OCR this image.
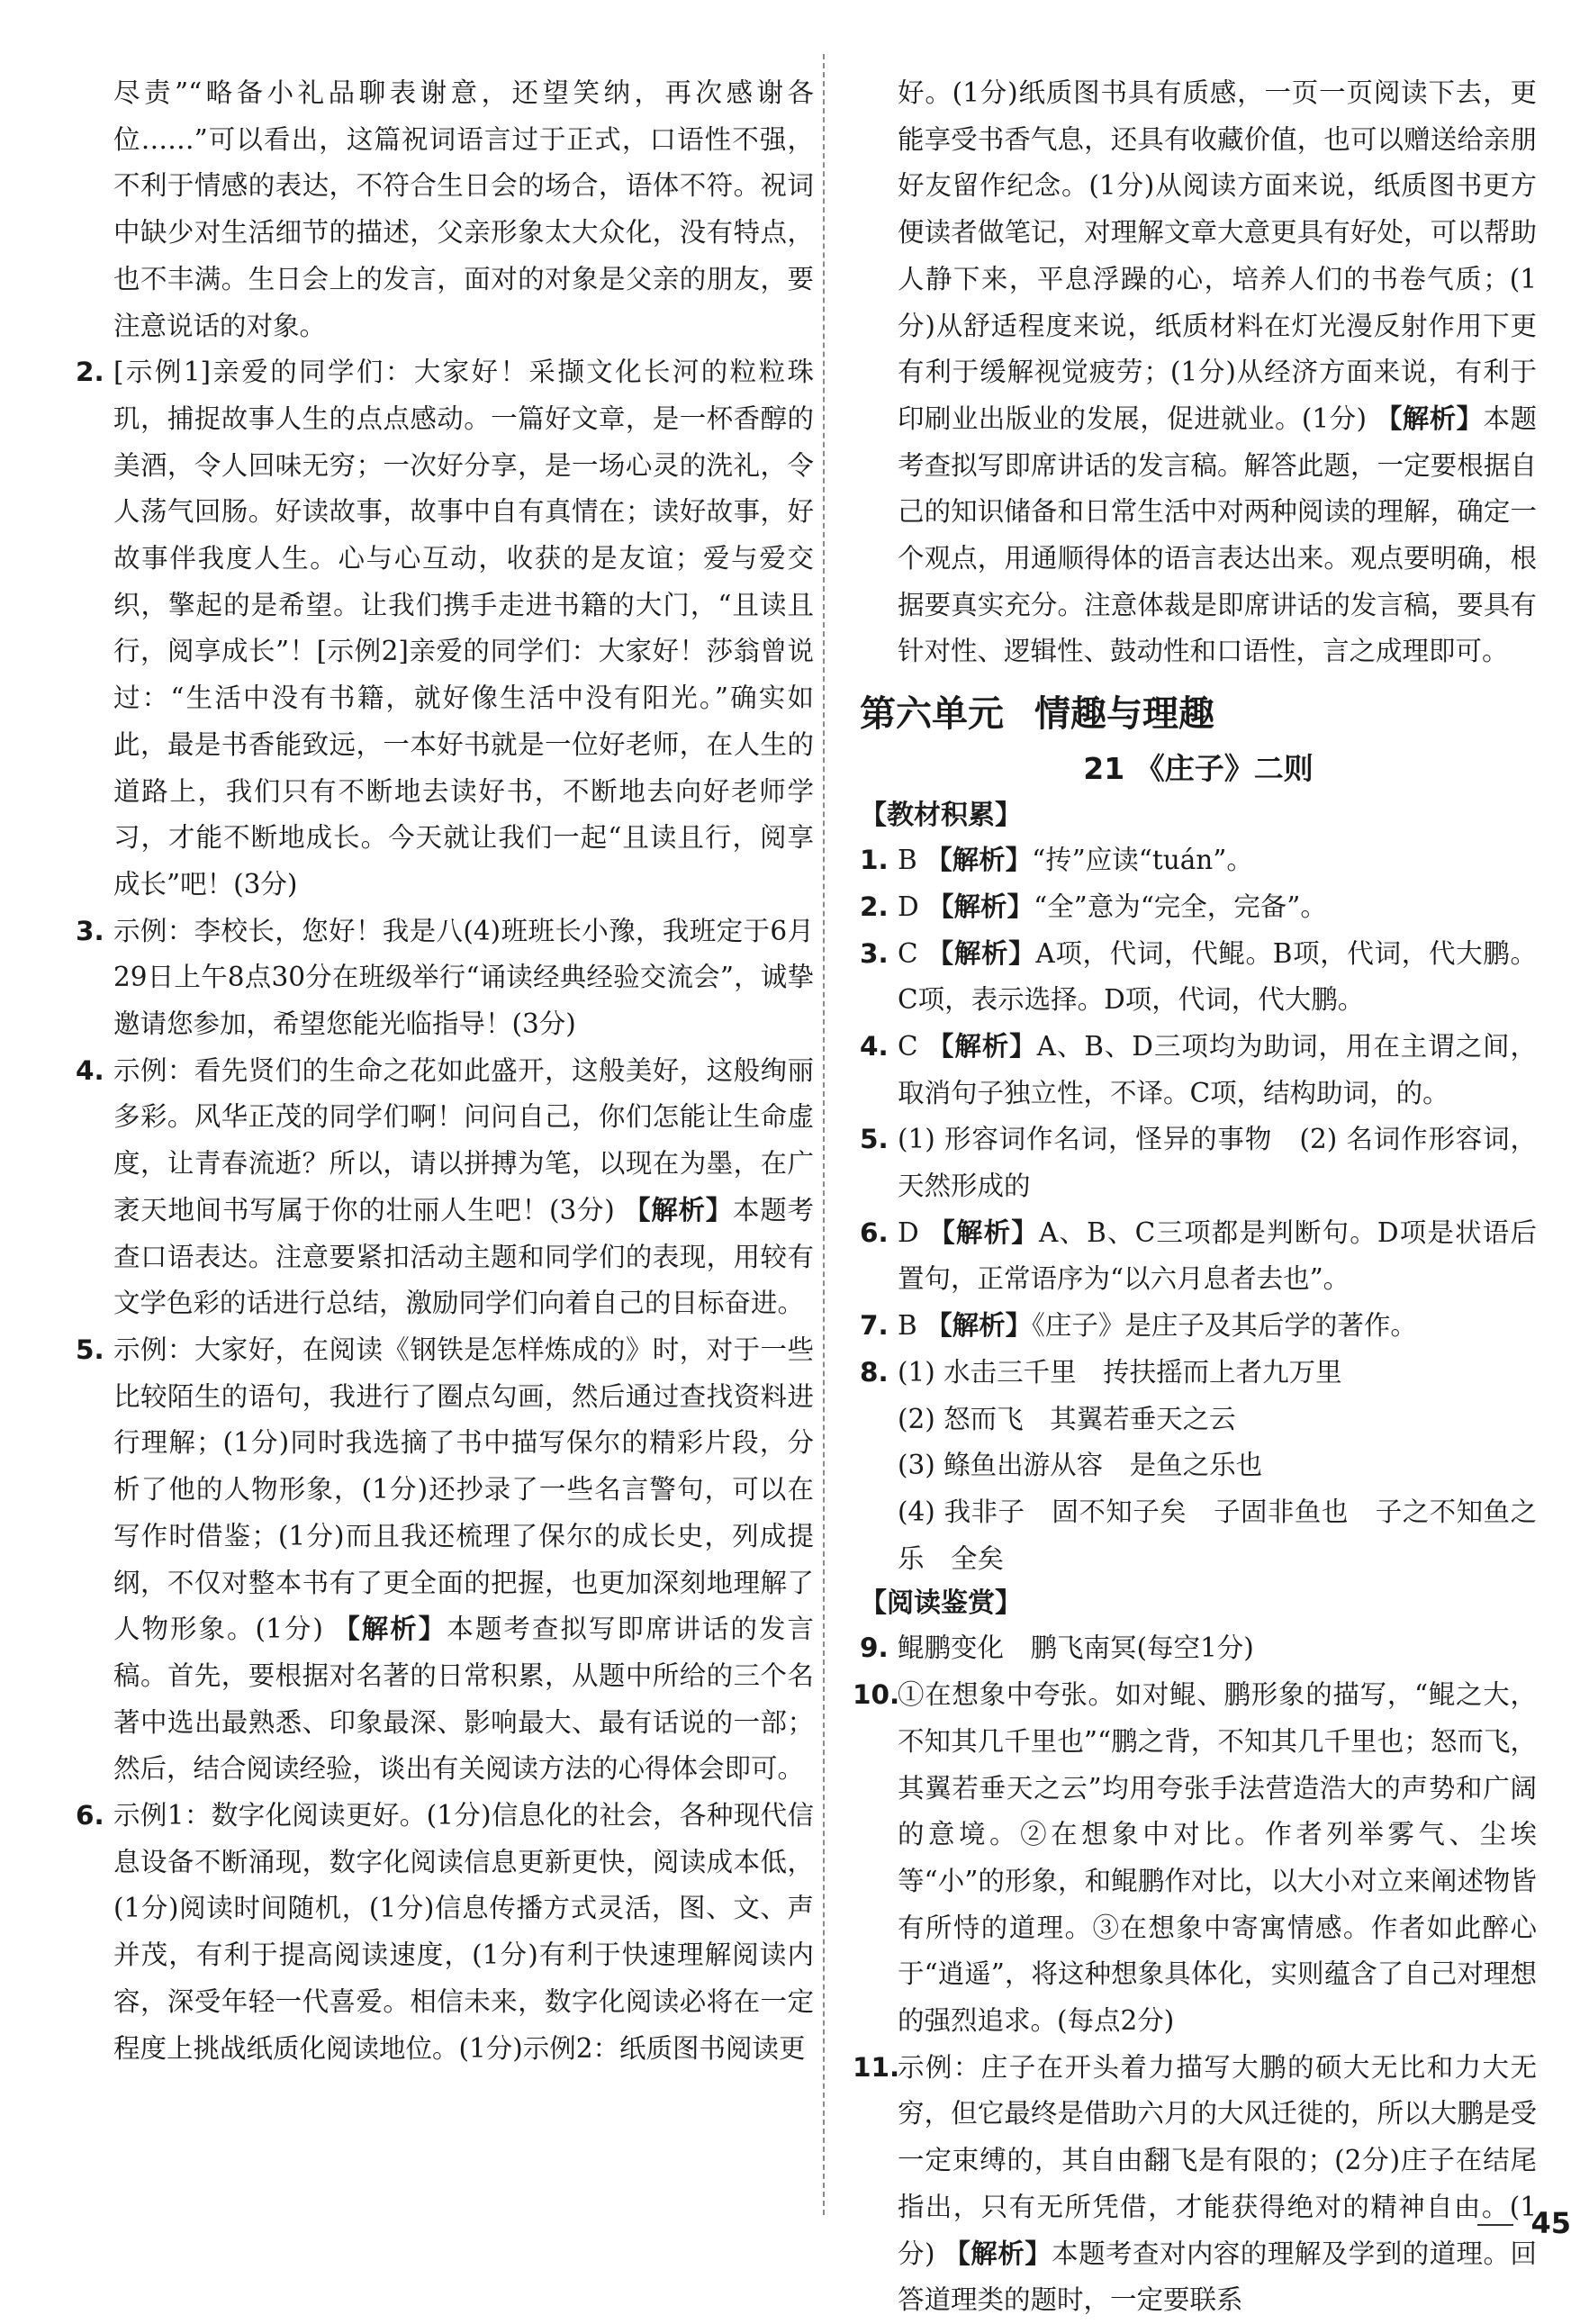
尽责”“略备小礼品聊表谢意，还望笑纳，再次感谢各位……”可以看出，这篇祝词语言过于正式，口语性不强，不利于情感的表达，不符合生日会的场合，语体不符。祝词中缺少对生活细节的描述，父亲形象太大众化，没有特点，也不丰满。生日会上的发言，面对的对象是父亲的朋友，要注意说话的对象。
2. [示例1]亲爱的同学们：大家好！采撷文化长河的粒粒珠玑，捕捉故事人生的点点感动。一篇好文章，是一杯香醇的美酒，令人回味无穷；一次好分享，是一场心灵的洗礼，令人荡气回肠。好读故事，故事中自有真情在；读好故事，好故事伴我度人生。心与心互动，收获的是友谊；爱与爱交织，擎起的是希望。让我们携手走进书籍的大门，“且读且行，阅享成长”！[示例2]亲爱的同学们：大家好！莎翁曾说过：“生活中没有书籍，就好像生活中没有阳光。”确实如此，最是书香能致远，一本好书就是一位好老师，在人生的道路上，我们只有不断地去读好书，不断地去向好老师学习，才能不断地成长。今天就让我们一起“且读且行，阅享成长”吧！(3分)
3. 示例：李校长，您好！我是八(4)班班长小豫，我班定于6月29日上午8点30分在班级举行“诵读经典经验交流会”，诚挚邀请您参加，希望您能光临指导！(3分)
4. 示例：看先贤们的生命之花如此盛开，这般美好，这般绚丽多彩。风华正茂的同学们啊！问问自己，你们怎能让生命虚度，让青春流逝？所以，请以拼搏为笔，以现在为墨，在广袤天地间书写属于你的壮丽人生吧！(3分) 【解析】本题考查口语表达。注意要紧扣活动主题和同学们的表现，用较有文学色彩的话进行总结，激励同学们向着自己的目标奋进。
5. 示例：大家好，在阅读《钢铁是怎样炼成的》时，对于一些比较陌生的语句，我进行了圈点勾画，然后通过查找资料进行理解；(1分)同时我选摘了书中描写保尔的精彩片段，分析了他的人物形象，(1分)还抄录了一些名言警句，可以在写作时借鉴；(1分)而且我还梳理了保尔的成长史，列成提纲，不仅对整本书有了更全面的把握，也更加深刻地理解了人物形象。(1分) 【解析】本题考查拟写即席讲话的发言稿。首先，要根据对名著的日常积累，从题中所给的三个名著中选出最熟悉、印象最深、影响最大、最有话说的一部；然后，结合阅读经验，谈出有关阅读方法的心得体会即可。
6. 示例1：数字化阅读更好。(1分)信息化的社会，各种现代信息设备不断涌现，数字化阅读信息更新更快，阅读成本低，(1分)阅读时间随机，(1分)信息传播方式灵活，图、文、声并茂，有利于提高阅读速度，(1分)有利于快速理解阅读内容，深受年轻一代喜爱。相信未来，数字化阅读必将在一定程度上挑战纸质化阅读地位。(1分)示例2：纸质图书阅读更
好。(1分)纸质图书具有质感，一页一页阅读下去，更能享受书香气息，还具有收藏价值，也可以赠送给亲朋好友留作纪念。(1分)从阅读方面来说，纸质图书更方便读者做笔记，对理解文章大意更具有好处，可以帮助人静下来，平息浮躁的心，培养人们的书卷气质；(1分)从舒适程度来说，纸质材料在灯光漫反射作用下更有利于缓解视觉疲劳；(1分)从经济方面来说，有利于印刷业出版业的发展，促进就业。(1分) 【解析】本题考查拟写即席讲话的发言稿。解答此题，一定要根据自己的知识储备和日常生活中对两种阅读的理解，确定一个观点，用通顺得体的语言表达出来。观点要明确，根据要真实充分。注意体裁是即席讲话的发言稿，要具有针对性、逻辑性、鼓动性和口语性，言之成理即可。
第六单元 情趣与理趣
21 《庄子》二则
【教材积累】
1. B 【解析】“抟”应读“tuán”。
2. D 【解析】“全”意为“完全，完备”。
3. C 【解析】A项，代词，代鲲。B项，代词，代大鹏。C项，表示选择。D项，代词，代大鹏。
4. C 【解析】A、B、D三项均为助词，用在主谓之间，取消句子独立性，不译。C项，结构助词，的。
5. (1) 形容词作名词，怪异的事物　(2) 名词作形容词，天然形成的
6. D 【解析】A、B、C三项都是判断句。D项是状语后置句，正常语序为“以六月息者去也”。
7. B 【解析】《庄子》是庄子及其后学的著作。
8. (1) 水击三千里　抟扶摇而上者九万里
(2) 怒而飞　其翼若垂天之云
(3) 鲦鱼出游从容　是鱼之乐也
(4) 我非子　固不知子矣　子固非鱼也　子之不知鱼之乐　全矣
【阅读鉴赏】
9. 鲲鹏变化　鹏飞南冥(每空1分)
10.
①在想象中夸张。如对鲲、鹏形象的描写，“鲲之大，不知其几千里也”“鹏之背，不知其几千里也；怒而飞，其翼若垂天之云”均用夸张手法营造浩大的声势和广阔的意境。②在想象中对比。作者列举雾气、尘埃等“小”的形象，和鲲鹏作对比，以大小对立来阐述物皆有所恃的道理。③在想象中寄寓情感。作者如此醉心于“逍遥”，将这种想象具体化，实则蕴含了自己对理想的强烈追求。(每点2分)
11.
示例：庄子在开头着力描写大鹏的硕大无比和力大无穷，但它最终是借助六月的大风迁徙的，所以大鹏是受一定束缚的，其自由翻飞是有限的；(2分)庄子在结尾指出，只有无所凭借，才能获得绝对的精神自由。(1分) 【解析】本题考查对内容的理解及学到的道理。回答道理类的题时，一定要联系
45
